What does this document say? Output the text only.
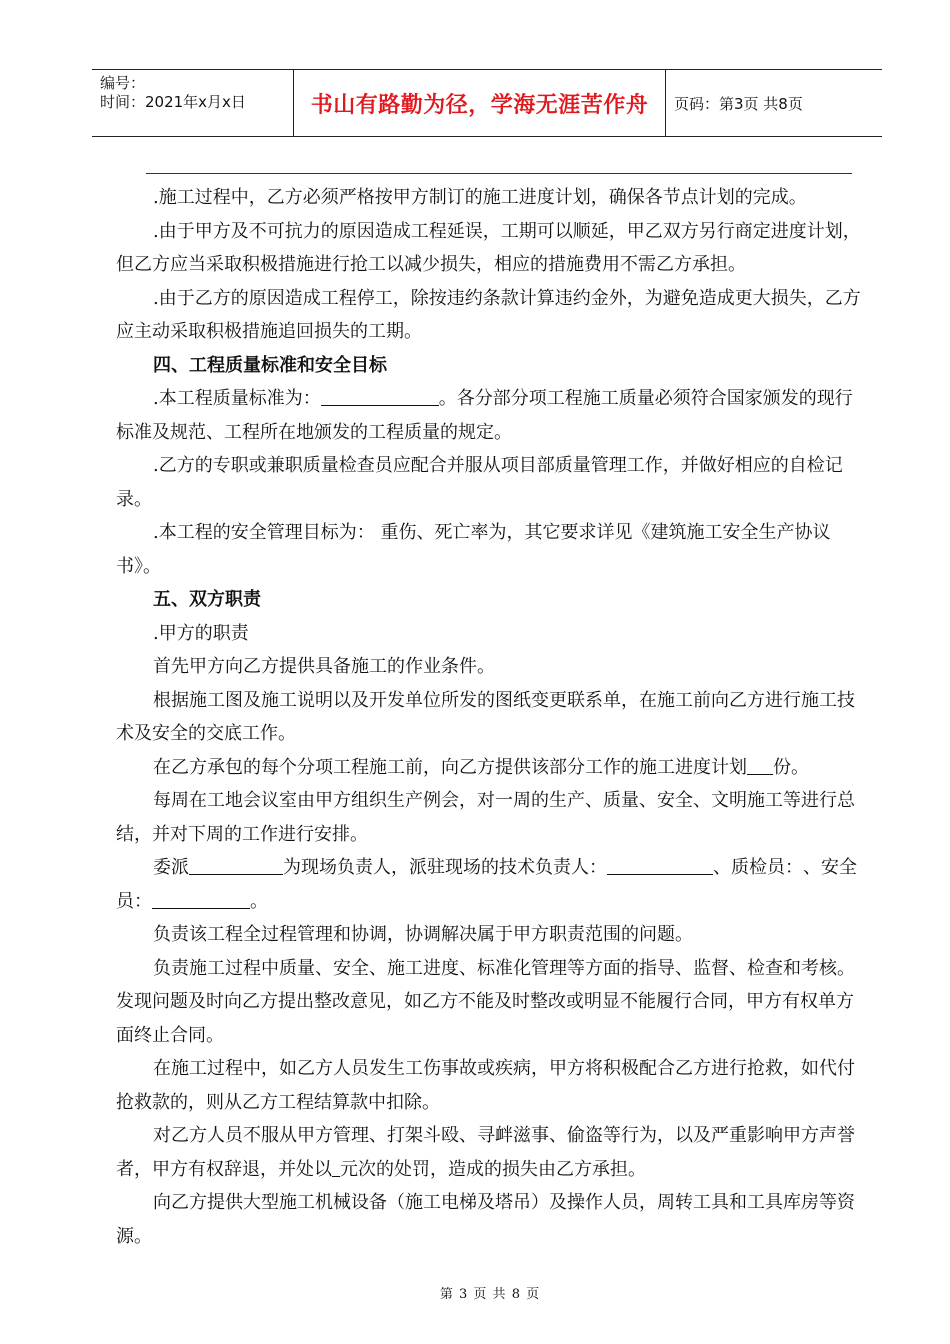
编号：
时间：2021年x月x日	书山有路勤为径，学海无涯苦作舟	页码：第3页 共8页

.施工过程中，乙方必须严格按甲方制订的施工进度计划，确保各节点计划的完成。

.由于甲方及不可抗力的原因造成工程延误，工期可以顺延，甲乙双方另行商定进度计划，但乙方应当采取积极措施进行抢工以减少损失，相应的措施费用不需乙方承担。

.由于乙方的原因造成工程停工，除按违约条款计算违约金外，为避免造成更大损失，乙方应主动采取积极措施追回损失的工期。

四、工程质量标准和安全目标

.本工程质量标准为：	。各分部分项工程施工质量必须符合国家颁发的现行标准及规范、工程所在地颁发的工程质量的规定。

.乙方的专职或兼职质量检查员应配合并服从项目部质量管理工作，并做好相应的自检记录。

.本工程的安全管理目标为： 重伤、死亡率为，其它要求详见《建筑施工安全生产协议书》。

五、双方职责

.甲方的职责

首先甲方向乙方提供具备施工的作业条件。

根据施工图及施工说明以及开发单位所发的图纸变更联系单，在施工前向乙方进行施工技术及安全的交底工作。

在乙方承包的每个分项工程施工前，向乙方提供该部分工作的施工进度计划 份。

每周在工地会议室由甲方组织生产例会，对一周的生产、质量、安全、文明施工等进行总结，并对下周的工作进行安排。

委派	为现场负责人，派驻现场的技术负责人：	、质检员：、安全员：	。

负责该工程全过程管理和协调，协调解决属于甲方职责范围的问题。

负责施工过程中质量、安全、施工进度、标准化管理等方面的指导、监督、检查和考核。发现问题及时向乙方提出整改意见，如乙方不能及时整改或明显不能履行合同，甲方有权单方面终止合同。

在施工过程中，如乙方人员发生工伤事故或疾病，甲方将积极配合乙方进行抢救，如代付抢救款的，则从乙方工程结算款中扣除。

对乙方人员不服从甲方管理、打架斗殴、寻衅滋事、偷盗等行为，以及严重影响甲方声誉者，甲方有权辞退，并处以 元次的处罚，造成的损失由乙方承担。

向乙方提供大型施工机械设备（施工电梯及塔吊）及操作人员，周转工具和工具库房等资源。

第 3 页 共 8 页
